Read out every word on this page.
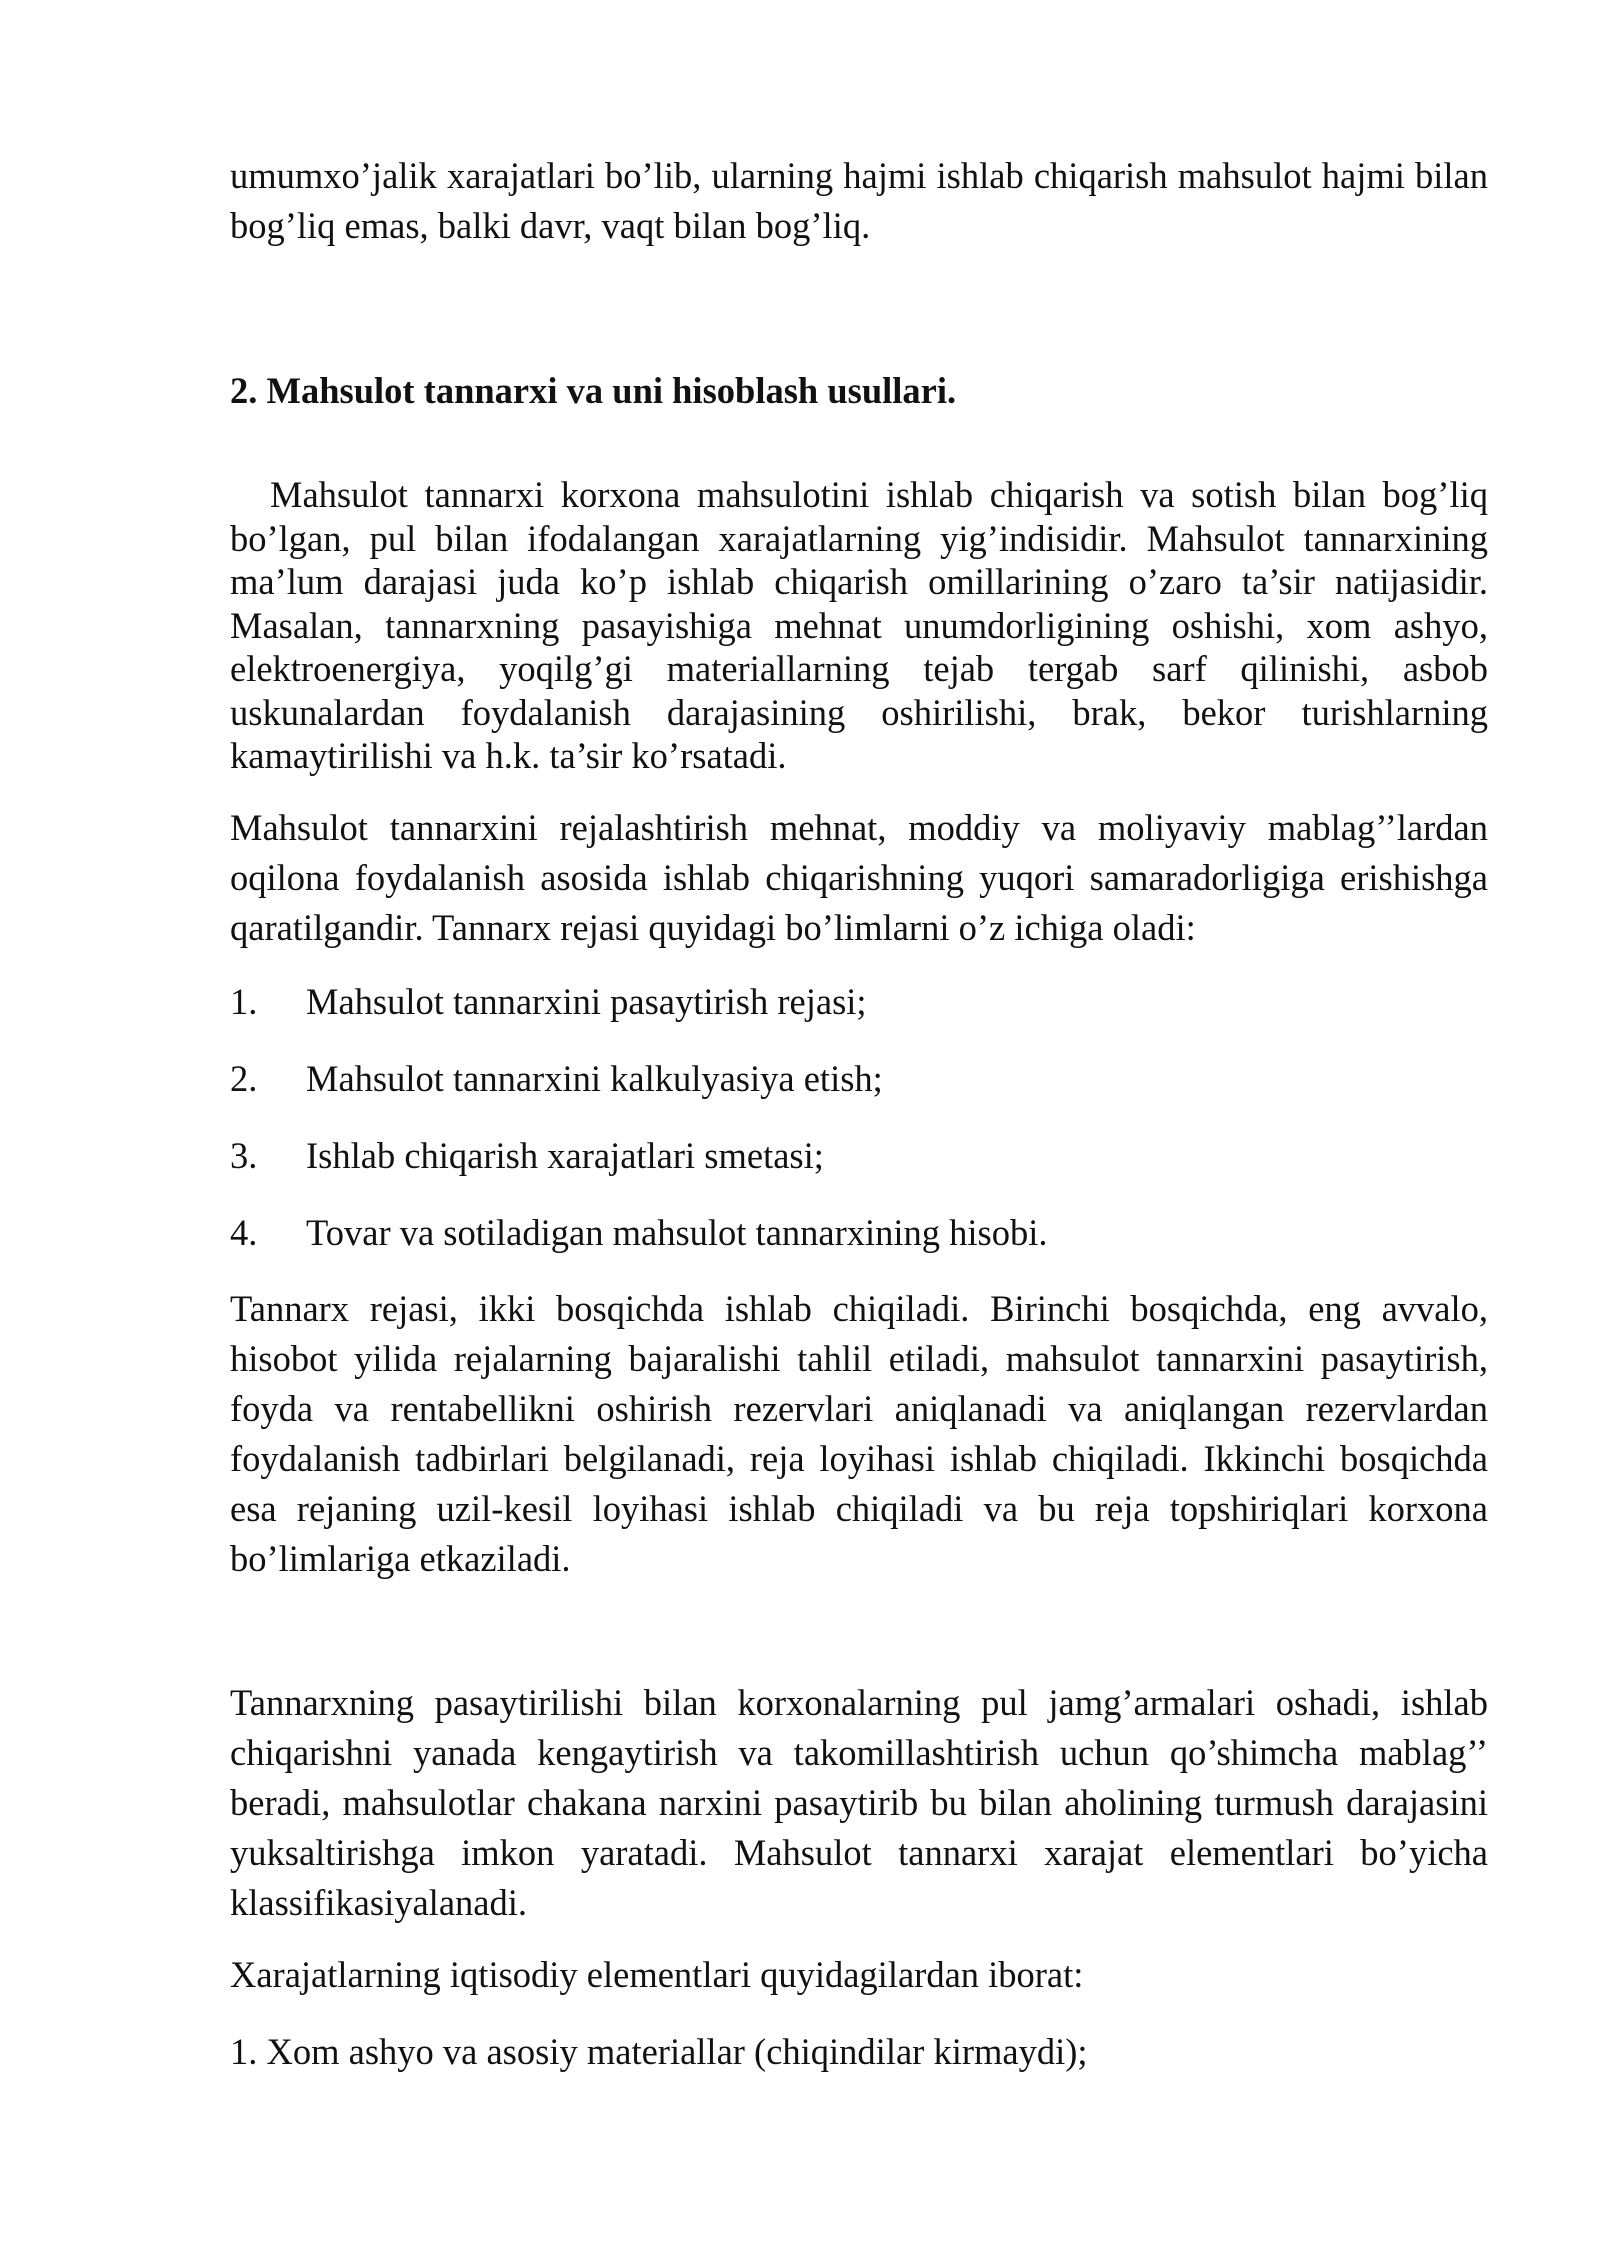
umumxo’jalik xarajatlari bo’lib, ularning hajmi ishlab chiqarish mahsulot hajmi bilan bog’liq emas, balki davr, vaqt bilan bog’liq.

2. Mahsulot tannarxi va uni hisoblash usullari.

Mahsulot tannarxi korxona mahsulotini ishlab chiqarish va sotish bilan bog’liq bo’lgan, pul bilan ifodalangan xarajatlarning yig’indisidir. Mahsulot tannarxining ma’lum darajasi juda ko’p ishlab chiqarish omillarining o’zaro ta’sir natijasidir. Masalan, tannarxning pasayishiga mehnat unumdorligining oshishi, xom ashyo, elektroenergiya, yoqilg’gi materiallarning tejab tergab sarf qilinishi, asbob uskunalardan foydalanish darajasining oshirilishi, brak, bekor turishlarning kamaytirilishi va h.k. ta’sir ko’rsatadi.

Mahsulot tannarxini rejalashtirish mehnat, moddiy va moliyaviy mablag’’lardan oqilona foydalanish asosida ishlab chiqarishning yuqori samaradorligiga erishishga qaratilgandir. Tannarx rejasi quyidagi bo’limlarni o’z ichiga oladi:

1. Mahsulot tannarxini pasaytirish rejasi;
2. Mahsulot tannarxini kalkulyasiya etish;
3. Ishlab chiqarish xarajatlari smetasi;
4. Tovar va sotiladigan mahsulot tannarxining hisobi.

Tannarx rejasi, ikki bosqichda ishlab chiqiladi. Birinchi bosqichda, eng avvalo, hisobot yilida rejalarning bajaralishi tahlil etiladi, mahsulot tannarxini pasaytirish, foyda va rentabellikni oshirish rezervlari aniqlanadi va aniqlangan rezervlardan foydalanish tadbirlari belgilanadi, reja loyihasi ishlab chiqiladi. Ikkinchi bosqichda esa rejaning uzil-kesil loyihasi ishlab chiqiladi va bu reja topshiriqlari korxona bo’limlariga etkaziladi.

Tannarxning pasaytirilishi bilan korxonalarning pul jamg’armalari oshadi, ishlab chiqarishni yanada kengaytirish va takomillashtirish uchun qo’shimcha mablag’’ beradi, mahsulotlar chakana narxini pasaytirib bu bilan aholining turmush darajasini yuksaltirishga imkon yaratadi. Mahsulot tannarxi xarajat elementlari bo’yicha klassifikasiyalanadi.

Xarajatlarning iqtisodiy elementlari quyidagilardan iborat:

1. Xom ashyo va asosiy materiallar (chiqindilar kirmaydi);
